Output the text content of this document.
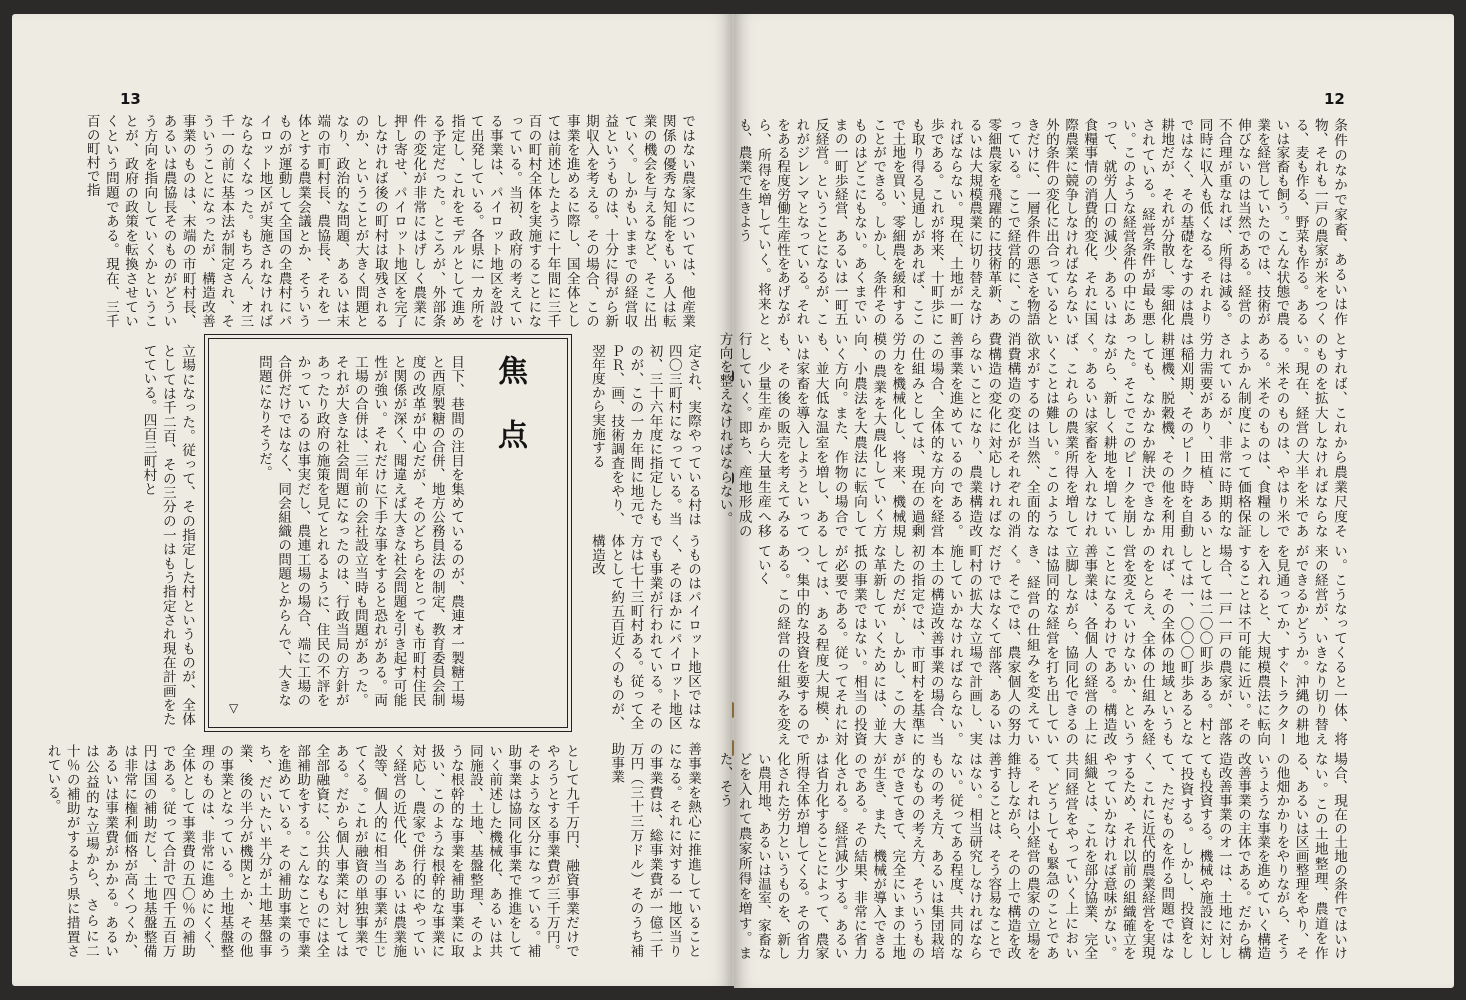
13
ではない農家については、他産業関係の優秀な知能をもいる人は転業の機会を与えるなど、そこに出ていく。しかもいままでの経営収益というものは、十分に得がら新期収入を考える。その場合、この事業を進めるに際し、国全体としては前述したように十年間に三千百の町村全体を実施することになっている。当初、政府の考えている事業は、パイロット地区を設けて出発している。各県に一カ所を指定し、これをモデルとして進める予定だった。ところが、外部条件の変化が非常にはげしく農業に押し寄せ、パイロット地区を完了しなければ後の町村は取残されるのか、ということが大きく問題となり、政治的な問題、あるいは末端の市町村長、農協長、それを一体とする農業会議とか、そういうものが運動して全国の全農村にパイロット地区が実施されなければならなくなった。もちろん、オ三千一の前に基本法が制定され、そういうことになったが、構造改善事業のものは、末端の市町村長、あるいは農協長そのものがどういう方向を指向していくかということが、政府の政策を転換させていくという問題である。現在、三千百の町村で指
定され、実際やっている村は四〇三町村になっている。当初、三十六年度に指定したものが、この一カ年間に地元でＰＲ、画、技術調査をやり、翌年度から実施する
うものはパイロット地区ではなく、そのほかにパイロット地区でも事業が行われている。その方は七十三町村ある。従って全体として約五百近くのものが、構造改
立場になった。従って、その指定した村というものが、全体としては千二百、その三分の一はもう指定され現在計画をたてている。四百三町村と	焦点
目下、巷間の注目を集めているのが、農連オ一製糖工場と西原製糖の合併、地方公務員法の制定、教育委員会制度の改革が中心だが、そのどちらをとっても市町村住民と関係が深く、聞違えば大きな社会問題を引き起す可能性が強い。それだけに下手な事をすると恐れがある。両工場の合併は、三年前の会社設立当時も問題があった。それが大きな社会問題になったのは、行政当局の方針があったり政府の施策を見てとれるように、住民の不評をかっているのは事実だし、農連工場の場合、端に工場の合併だけではなく、同会組織の問題とからんで、大きな問題になりそうだ。
▽
として九千万円、融資事業だけでやろうとする事業費が三千万円。そのような区分になっている。補助事業は協同化事業で推進をしていく前述した機械化、あるいは共同施設、土地、基盤整理、そのような根幹的な事業を補助事業に取扱い、このような根幹的な事業に対応し、農家で併行的にやっていく経営の近代化、あるいは農業施設等、個人的に相当の事業が生じてくる。これが融資の単独事業である。だから個人事業に対しては全部融資に、公共的なものには全部補助をする。こんなことで事業を進めている。その補助事業のうち、だいたい半分が土地基盤事業、後の半分が機関とか、その他の事業となっている。土地基盤整理のものは、非常に進めにくく、全体として事業費の五〇％の補助である。従って合計で四千五百万円は国の補助だし、土地基盤整備は非常に権利価格が高くつくか、あるいは事業費がかかる。あるいは公益的な立場から、さらに二十％の補助がするよう県に措置されている。	善事業を熱心に推進していることになる。それに対する一地区当りの事業費は、総事業費が一億二千万円（三十三万ドル）そのうち補助事業
12
条件のなかで家畜、あるいは作物、それも一戸の農家が米をつくる、麦も作る、野菜も作る。あるいは家畜も飼う。こんな状態で農業を経営していたのでは、技術が伸びないのは当然である。経営の不合理が重なれば、所得は減る。同時に収入も低くなる。それよりではなく、その基礎をなすのは農耕地だが、それが分散し、零細化されている。経営条件が最も悪い。このような経営条件の中にあって、就労人口の減少、あるいは食糧事情の消費的変化、それに国際農業に競争しなければならない外的条件の変化に出合っているときだけに、一層条件の悪さを物語っている。ここで経営的に、この零細農家を飛躍的に技術革新、あるいは大規模農業に切り替えなければならない。現在、土地が一町歩である。これが将来、十町歩にも取り得る見通しがあれば、ここで土地を買い、零細農を緩和することができる。しかし、条件そのものはどこにもない。あくまでいまの一町歩経営、あるいは一町五反経営。ということになるが、これがジレンマとなっている。それをある程度労働生産性をあげながら、所得を増していく。将来とも、農業で生きよう
とすれば、これから農業尺度そのものを拡大しなければならない。現在、経営の大半を米である。米そのものは、やはり米である。米そのものは、食糧のしようかん制度によって価格保証されているが、非常に時期的な労力需要があり、田植、あるいは稲刈期、そのピーク時を自動耕運機、脱穀機、その他を利用しても、なかなか解決できなかった。そこでこのピークを崩しながら、新しく耕地を増していく。あるいは家畜を入れなければ、これらの農業所得を増していくことは難しい。このような欲求がするのは当然、全面的な消費構造の変化がそれぞれの消費構造の変化に対応しければならないことになり、農業構造改善事業を進めているのである。この場合、全体的な方向を経営の仕組みとしては、現在の過剰労力を機械化し、将来、機械規模の農業を大農化していく方向、小農法を大農法に転向していく方向。また、作物の場合でも、並大低な温室を増し、あるいは家畜を導入しようといっても、その後の販売を考えてみると、少量生産から大量生産へ移行していく。即ち、産地形成の方向を整えなければならない。
い。こうなってくると一体、将来の経営が、いきなり切り替えができるかどうか。沖縄の耕地を見通ってか、すぐトラクターを入れると、大規模農法に転向することは不可能に近い。その場合、一戸一戸の農家が、部落としては二〇〇町歩ある。村としては一、〇〇〇町歩あるとなれば、その全体の地域というものをとらえ、全体の仕組みを経営を変えていけないか、ということになるわけである。構造改善事業は、各個人の経営の上に立脚しながら、協同化できるのは協同的な経営を打ち出していき、経営の仕組みを変えていく。そこでは、農家個人の努力だけではなくて部落、あるいは町村の拡大な立場で計画し、実施していかなければならない。本土の構造改善事業の場合、当初の指定では、市町村を基準にしたのだが、しかし、この大きな革新していくためには、並大抵の事業ではない。相当の投資が必要である。従ってそれに対しては、ある程度大規模、かつ、集中的な投資を要するのである。この経営の仕組みを変えていく
場合、現在の土地の条件ではいけない。この土地整理、農道を作る、あるいは区画整理をやり、その他畑かかりをやりながら、そういうような事業を進めていく構造改善事業の主体である。だから構造改善事業のオ一は、土地に対しても投資する。機械や施設に対して投資する。しかし、投資をして、ただものを作る問題ではなく、これに近代的農業経営を実現するため、それ以前の組織確立をやっていかなければ意味がない。組織とは、これを部分協業、完全共同経営をやっていく上において、どうしても緊急のことである。それは小経営の農家の立場を維持しながら、その上で構造を改善することは、そう容易なことではない。相当研究しなければならない。従ってある程度、共同的なものの考え方、あるいは集団栽培的なものの考え方、そういうものができてきて、完全にいまの土地が生き、また、機械が導入できるのである。その結果、非常に省力化される。経営減少する。あるいは省力化することによって、農家所得全体が増してくる。その省力化された労力というものを、新しい農用地、あるいは温室、家畜などを入れて農家所得を増す。また、そう
